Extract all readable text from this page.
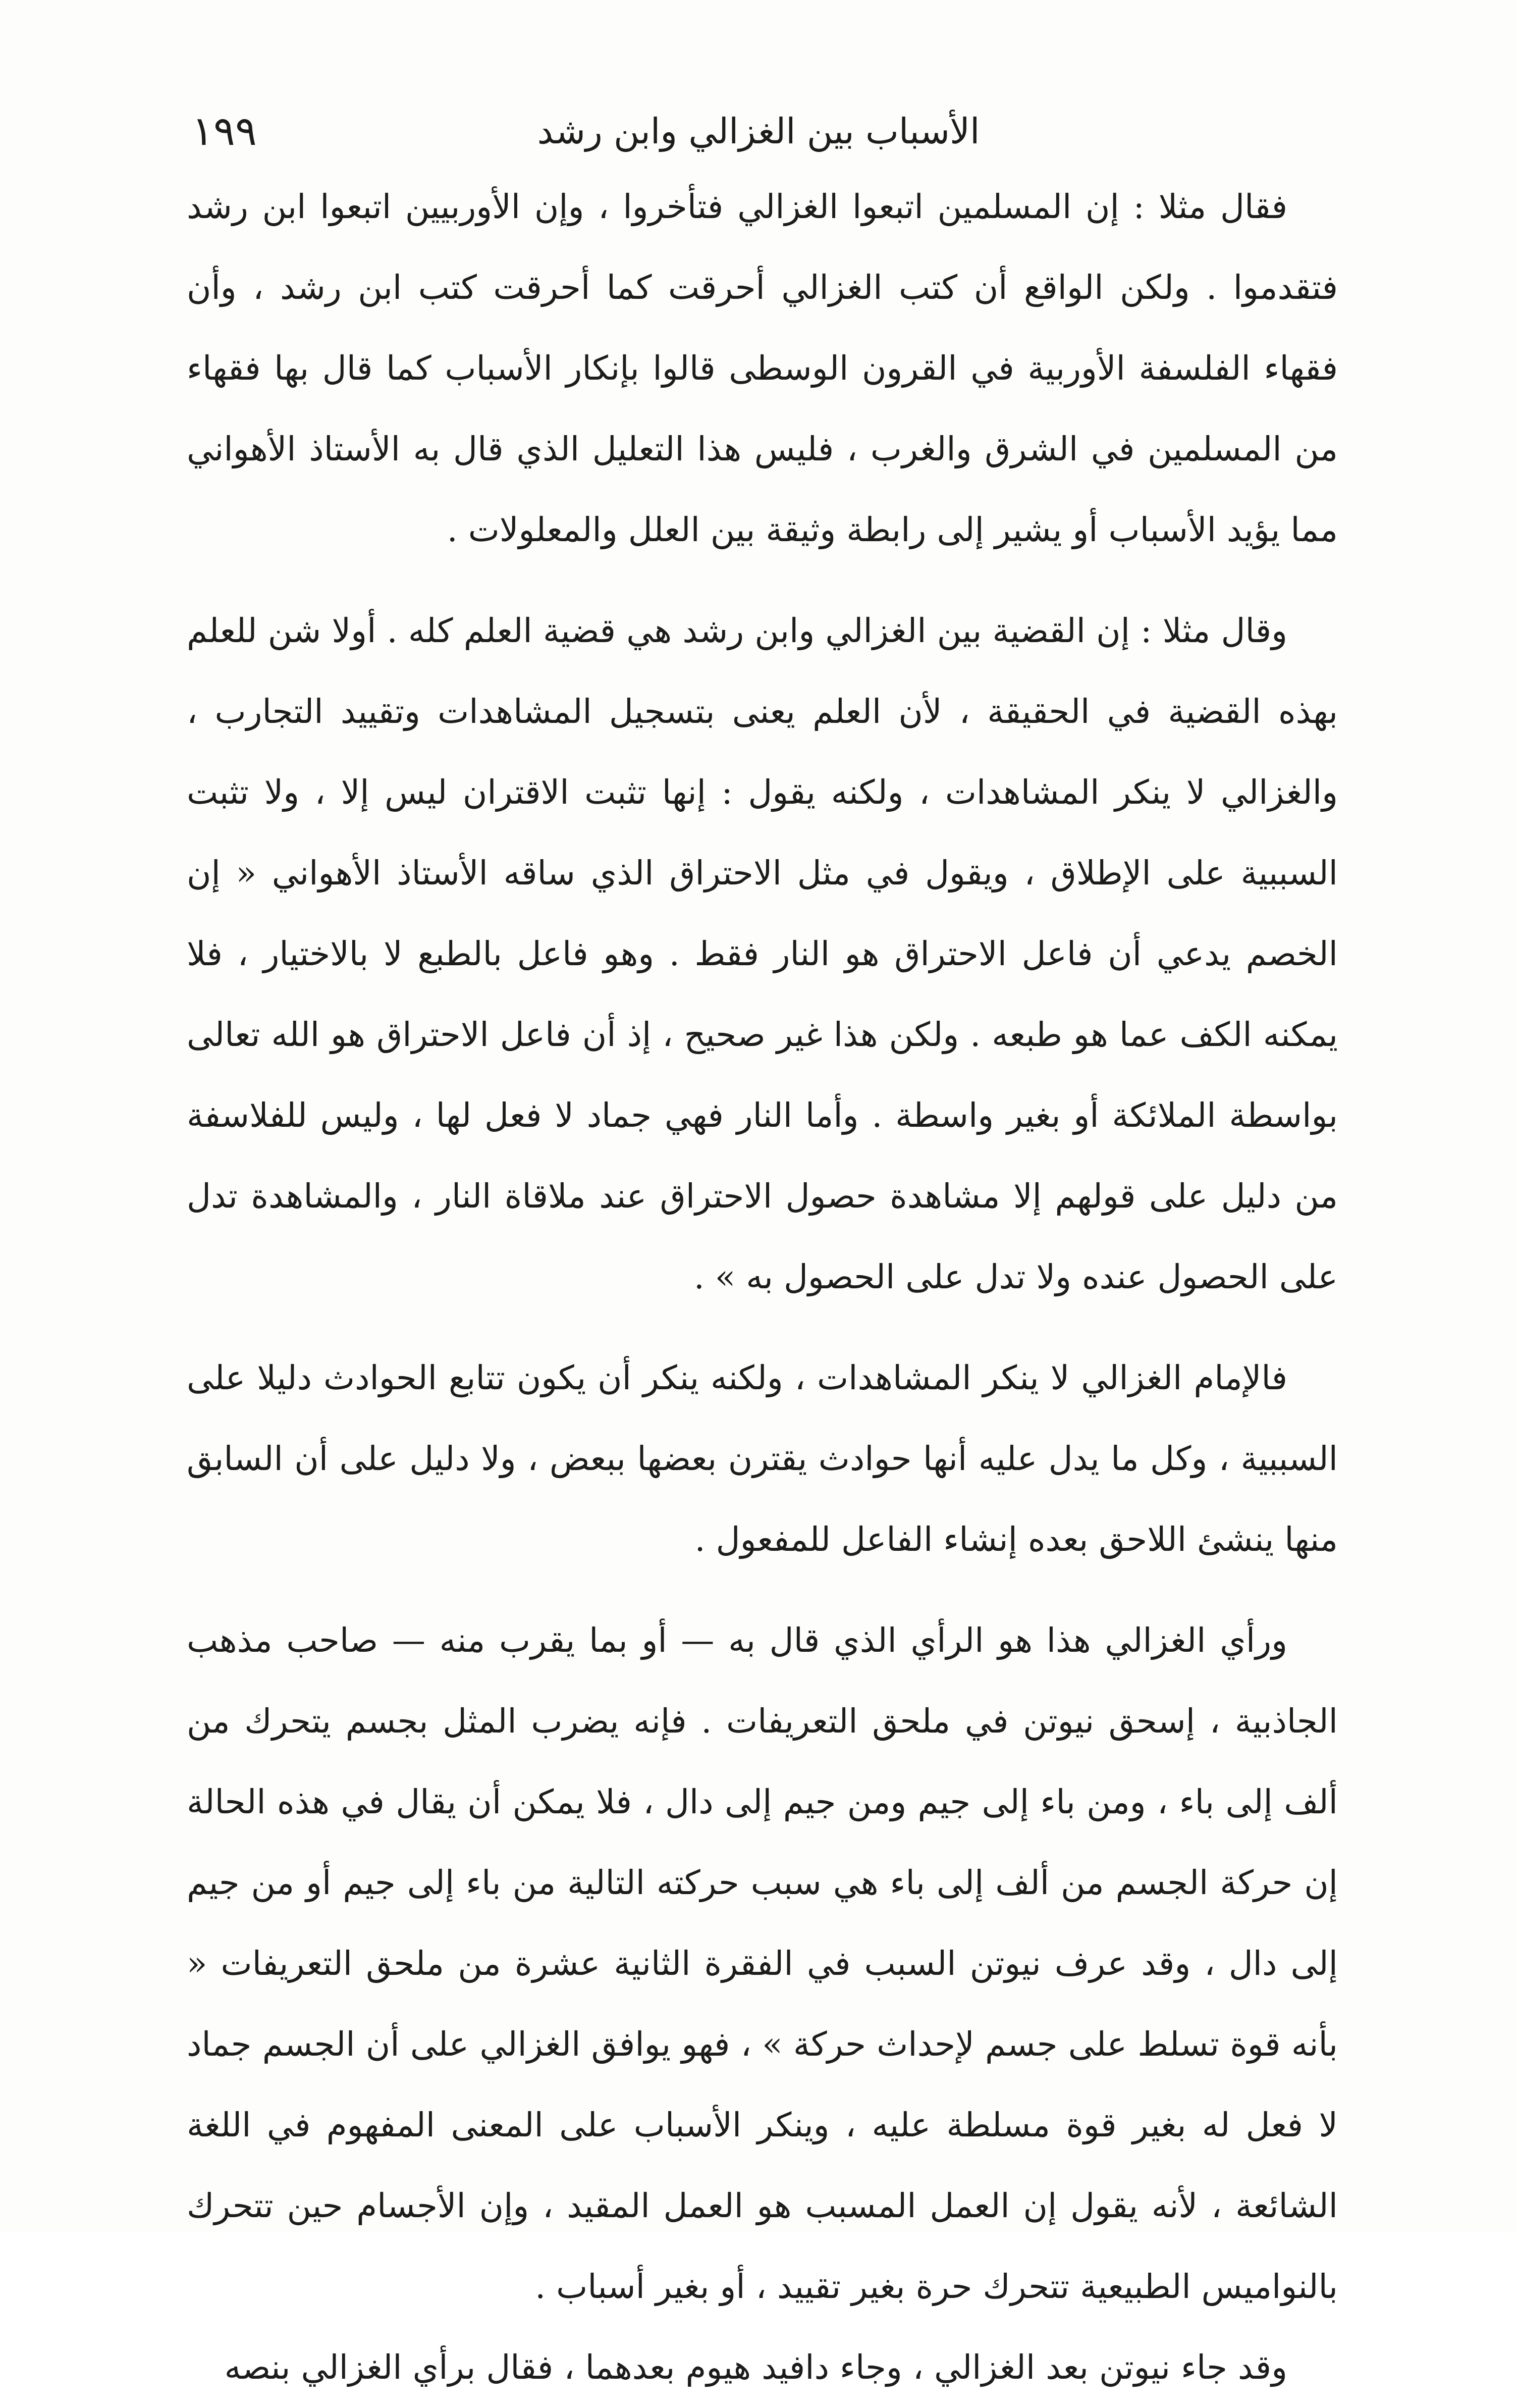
الأسباب بين الغزالي وابن رشد
١٩٩

فقال مثلا : إن المسلمين اتبعوا الغزالي فتأخروا ، وإن الأوربيين اتبعوا ابن رشد فتقدموا . ولكن الواقع أن كتب الغزالي أحرقت كما أحرقت كتب ابن رشد ، وأن فقهاء الفلسفة الأوربية في القرون الوسطى قالوا بإنكار الأسباب كما قال بها فقهاء من المسلمين في الشرق والغرب ، فليس هذا التعليل الذي قال به الأستاذ الأهواني مما يؤيد الأسباب أو يشير إلى رابطة وثيقة بين العلل والمعلولات .

وقال مثلا : إن القضية بين الغزالي وابن رشد هي قضية العلم كله . أولا شن للعلم بهذه القضية في الحقيقة ، لأن العلم يعنى بتسجيل المشاهدات وتقييد التجارب ، والغزالي لا ينكر المشاهدات ، ولكنه يقول : إنها تثبت الاقتران ليس إلا ، ولا تثبت السببية على الإطلاق ، ويقول في مثل الاحتراق الذي ساقه الأستاذ الأهواني « إن الخصم يدعي أن فاعل الاحتراق هو النار فقط . وهو فاعل بالطبع لا بالاختيار ، فلا يمكنه الكف عما هو طبعه . ولكن هذا غير صحيح ، إذ أن فاعل الاحتراق هو الله تعالى بواسطة الملائكة أو بغير واسطة . وأما النار فهي جماد لا فعل لها ، وليس للفلاسفة من دليل على قولهم إلا مشاهدة حصول الاحتراق عند ملاقاة النار ، والمشاهدة تدل على الحصول عنده ولا تدل على الحصول به » .

فالإمام الغزالي لا ينكر المشاهدات ، ولكنه ينكر أن يكون تتابع الحوادث دليلا على السببية ، وكل ما يدل عليه أنها حوادث يقترن بعضها ببعض ، ولا دليل على أن السابق منها ينشئ اللاحق بعده إنشاء الفاعل للمفعول .

ورأي الغزالي هذا هو الرأي الذي قال به — أو بما يقرب منه — صاحب مذهب الجاذبية ، إسحق نيوتن في ملحق التعريفات . فإنه يضرب المثل بجسم يتحرك من ألف إلى باء ، ومن باء إلى جيم ومن جيم إلى دال ، فلا يمكن أن يقال في هذه الحالة إن حركة الجسم من ألف إلى باء هي سبب حركته التالية من باء إلى جيم أو من جيم إلى دال ، وقد عرف نيوتن السبب في الفقرة الثانية عشرة من ملحق التعريفات « بأنه قوة تسلط على جسم لإحداث حركة » ، فهو يوافق الغزالي على أن الجسم جماد لا فعل له بغير قوة مسلطة عليه ، وينكر الأسباب على المعنى المفهوم في اللغة الشائعة ، لأنه يقول إن العمل المسبب هو العمل المقيد ، وإن الأجسام حين تتحرك بالنواميس الطبيعية تتحرك حرة بغير تقييد ، أو بغير أسباب .

وقد جاء نيوتن بعد الغزالي ، وجاء دافيد هيوم بعدهما ، فقال برأي الغزالي بنصه
